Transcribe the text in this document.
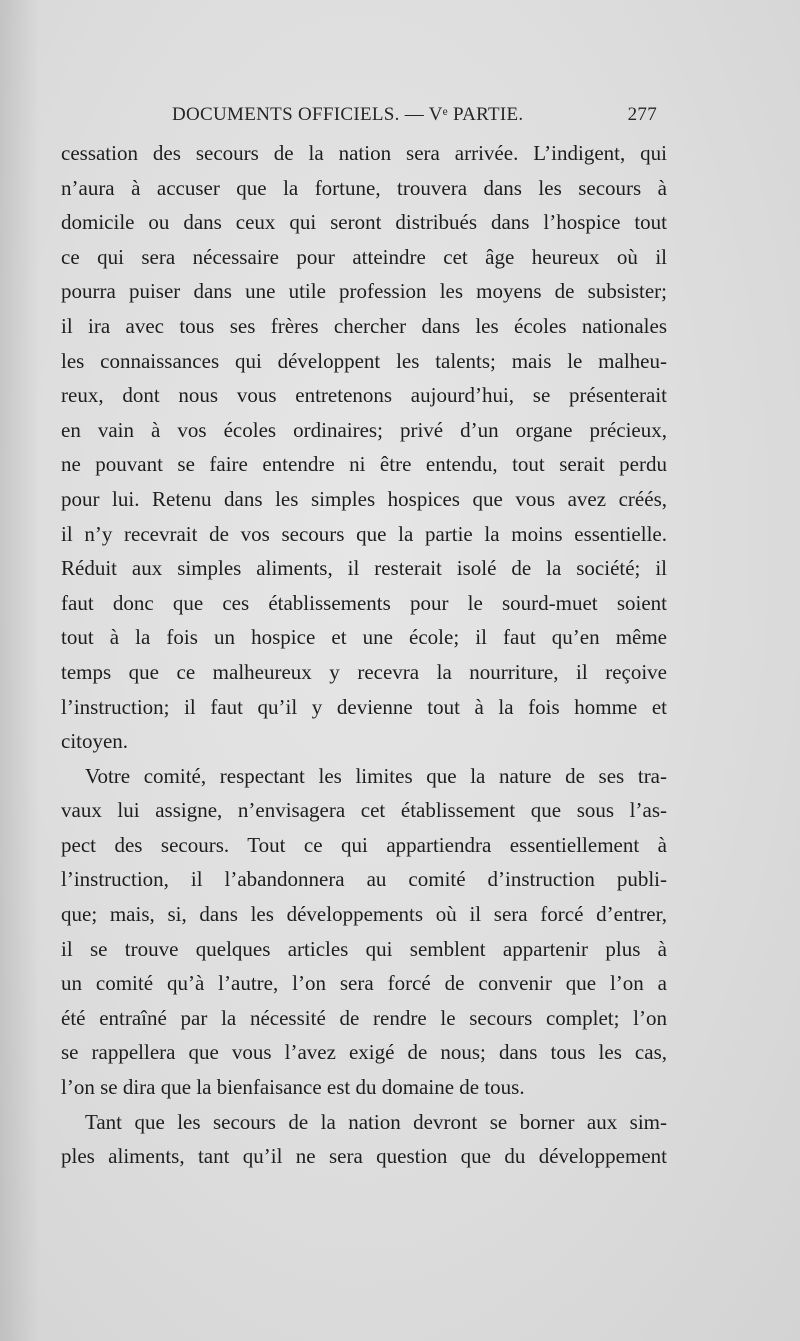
DOCUMENTS OFFICIELS. — Vᵉ PARTIE.	277
cessation des secours de la nation sera arrivée. L’indigent, qui
n’aura à accuser que la fortune, trouvera dans les secours à
domicile ou dans ceux qui seront distribués dans l’hospice tout
ce qui sera nécessaire pour atteindre cet âge heureux où il
pourra puiser dans une utile profession les moyens de subsister;
il ira avec tous ses frères chercher dans les écoles nationales
les connaissances qui développent les talents; mais le malheu-
reux, dont nous vous entretenons aujourd’hui, se présenterait
en vain à vos écoles ordinaires; privé d’un organe précieux,
ne pouvant se faire entendre ni être entendu, tout serait perdu
pour lui. Retenu dans les simples hospices que vous avez créés,
il n’y recevrait de vos secours que la partie la moins essentielle.
Réduit aux simples aliments, il resterait isolé de la société; il
faut donc que ces établissements pour le sourd-muet soient
tout à la fois un hospice et une école; il faut qu’en même
temps que ce malheureux y recevra la nourriture, il reçoive
l’instruction; il faut qu’il y devienne tout à la fois homme et
citoyen.
Votre comité, respectant les limites que la nature de ses tra-
vaux lui assigne, n’envisagera cet établissement que sous l’as-
pect des secours. Tout ce qui appartiendra essentiellement à
l’instruction, il l’abandonnera au comité d’instruction publi-
que; mais, si, dans les développements où il sera forcé d’entrer,
il se trouve quelques articles qui semblent appartenir plus à
un comité qu’à l’autre, l’on sera forcé de convenir que l’on a
été entraîné par la nécessité de rendre le secours complet; l’on
se rappellera que vous l’avez exigé de nous; dans tous les cas,
l’on se dira que la bienfaisance est du domaine de tous.
Tant que les secours de la nation devront se borner aux sim-
ples aliments, tant qu’il ne sera question que du développement
